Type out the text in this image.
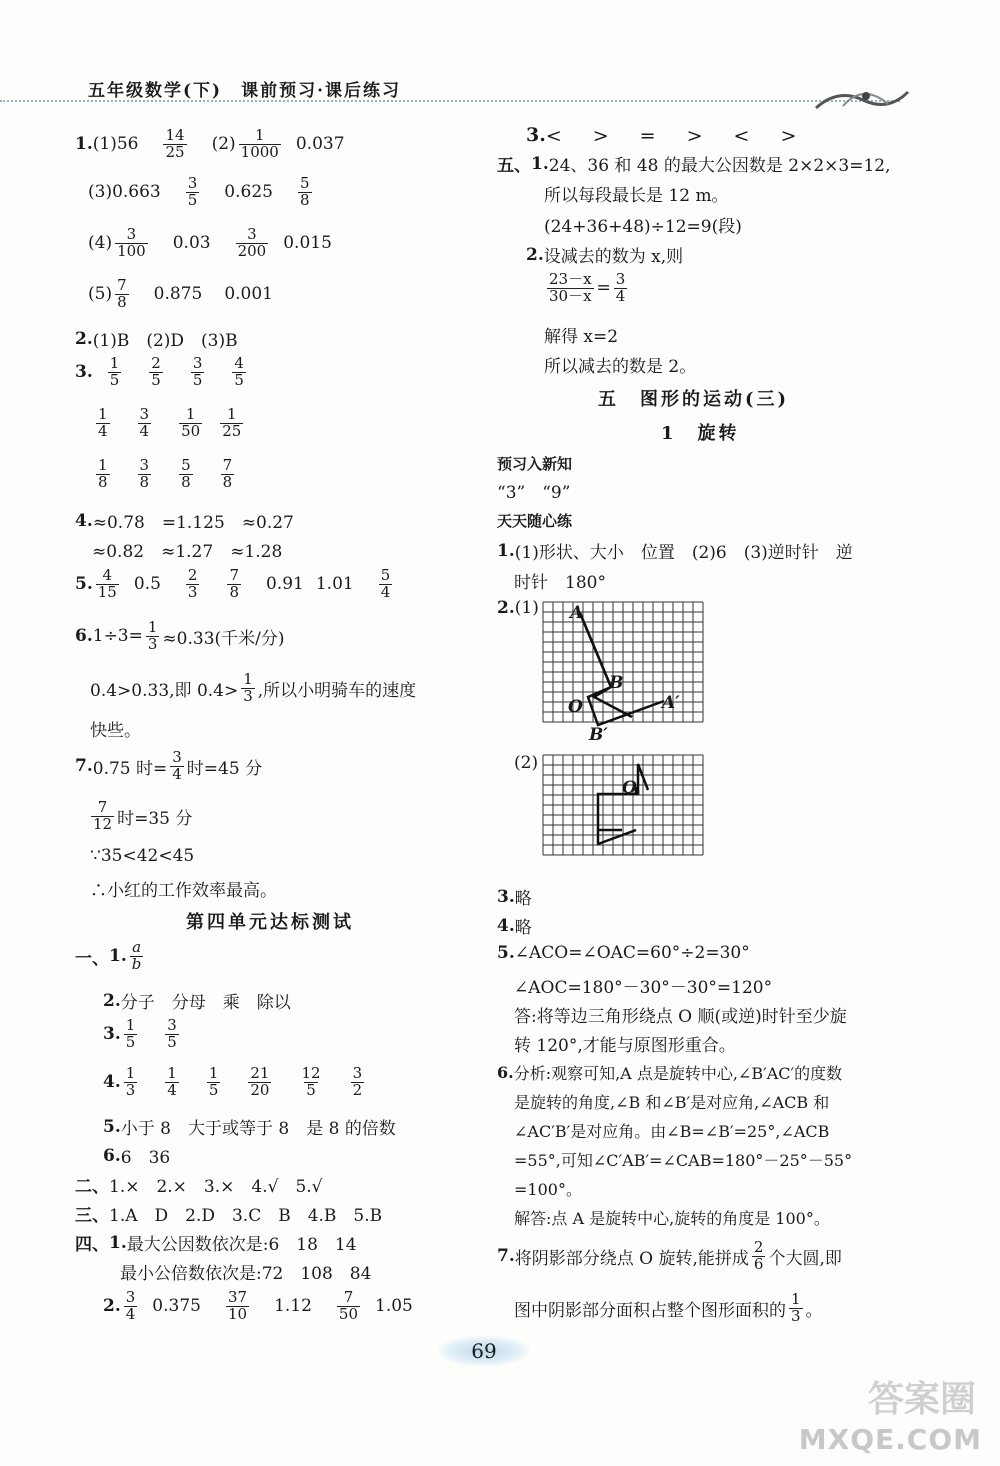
五年级数学(下)　课前预习·课后练习
1. $(1)56 \frac{14}{25} (2) \frac{1}{1000} 0.037$
$(3)0.663 \frac{3}{5} 0.625 \frac{5}{8}$
$(4) \frac{3}{100} 0.03 \frac{3}{200} 0.015$
$(5) \frac{7}{8} 0.875$ 0.001
2. (1)B　(2)D　(3)B
3. $\frac{1}{5} \frac{2}{5} \frac{3}{5} \frac{4}{5}$
$\frac{1}{4} \frac{3}{4} \frac{1}{50} \frac{1}{25}$
$\frac{1}{8} \frac{3}{8} \frac{5}{8} \frac{7}{8}$
4. ≈0.78　=1.125　≈0.27
≈0.82　≈1.27　≈1.28
5. $\frac{4}{15} 0.5 \frac{2}{3} \frac{7}{8} 0.91$ $1.01 \frac{5}{4}$
6. $1\div 3= \frac{1}{3} \approx 0.33$(千米/分)
0.4>0.33,即 $0.4> \frac{1}{3}$ ,所以小明骑车的速度
快些。
7. 0.75 时= $\frac{3}{4}$ 时=45 分
$\frac{7}{12}$ 时=35 分
∵35<42<45
∴小红的工作效率最高。
第四单元达标测试
一、 1. $\frac{a}{b}$
2. 分子　分母　乘　除以
3. $\frac{1}{5} \frac{3}{5}$
4. $\frac{1}{3} \frac{1}{4} \frac{1}{5} \frac{21}{20} \frac{12}{5} \frac{3}{2}$
5. 小于 8　大于或等于 8　是 8 的倍数
6. 6　36
二、 1.×　2.×　3.×　4.√　5.√
三、 1.A　D　2.D　3.C　B　4.B　5.B
四、 1. 最大公因数依次是:6　18　14
最小公倍数依次是:72　108　84
2. $\frac{3}{4} 0.375 \frac{37}{10} 1.12 \frac{7}{50} 1.05$
3. <　>　=　>　<　>
五、 1. 24、36 和 48 的最大公因数是 2×2×3=12,
所以每段最长是 12 m。
(24+36+48)÷12=9(段)
2. 设减去的数为 x,则
$\frac{23-x}{30-x} = \frac{3}{4}$
解得 x=2
所以减去的数是 2。
五　图形的运动(三)
1　旋转
预习入新知
“3”　“9”
天天随心练
1. (1)形状、大小　位置　(2)6　(3)逆时针　逆
时针　180°
2. (1) A
B
O	A′
B′
(2)
O
3. 略
4. 略
5. ∠ACO=∠OAC=60°÷2=30°
∠AOC=180°－30°－30°=120°
答:将等边三角形绕点 O 顺(或逆)时针至少旋
转 120°,才能与原图形重合。
6. 分析:观察可知,A 点是旋转中心,∠B′AC′的度数
是旋转的角度,∠B 和∠B′是对应角,∠ACB 和
∠AC′B′是对应角。由∠B=∠B′=25°,∠ACB
=55°,可知∠C′AB′=∠CAB=180°－25°－55°
=100°。
解答:点 A 是旋转中心,旋转的角度是 100°。
7. 将阴影部分绕点 O 旋转,能拼成 $\frac{2}{6}$ 个大圆,即
图中阴影部分面积占整个图形面积的 $\frac{1}{3}$ 。
69
答案圈
MXQE.COM
